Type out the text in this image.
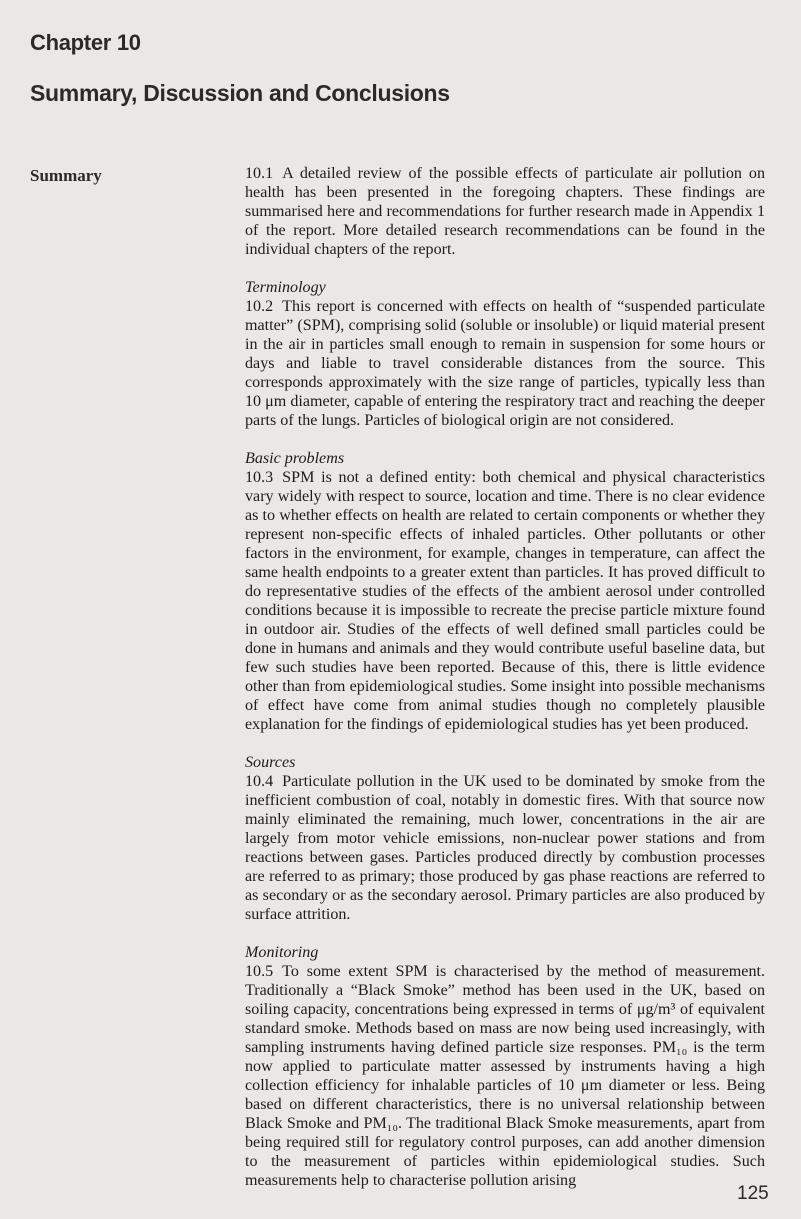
Chapter 10
Summary, Discussion and Conclusions
Summary	10.1 A detailed review of the possible effects of particulate air pollution on health has been presented in the foregoing chapters. These findings are summarised here and recommendations for further research made in Appendix 1 of the report. More detailed research recommendations can be found in the individual chapters of the report.

Terminology

10.2 This report is concerned with effects on health of “suspended particulate matter” (SPM), comprising solid (soluble or insoluble) or liquid material present in the air in particles small enough to remain in suspension for some hours or days and liable to travel considerable distances from the source. This corresponds approximately with the size range of particles, typically less than 10 μm diameter, capable of entering the respiratory tract and reaching the deeper parts of the lungs. Particles of biological origin are not considered.

Basic problems

10.3 SPM is not a defined entity: both chemical and physical characteristics vary widely with respect to source, location and time. There is no clear evidence as to whether effects on health are related to certain components or whether they represent non-specific effects of inhaled particles. Other pollutants or other factors in the environment, for example, changes in temperature, can affect the same health endpoints to a greater extent than particles. It has proved difficult to do representative studies of the effects of the ambient aerosol under controlled conditions because it is impossible to recreate the precise particle mixture found in outdoor air. Studies of the effects of well defined small particles could be done in humans and animals and they would contribute useful baseline data, but few such studies have been reported. Because of this, there is little evidence other than from epidemiological studies. Some insight into possible mechanisms of effect have come from animal studies though no completely plausible explanation for the findings of epidemiological studies has yet been produced.

Sources

10.4 Particulate pollution in the UK used to be dominated by smoke from the inefficient combustion of coal, notably in domestic fires. With that source now mainly eliminated the remaining, much lower, concentrations in the air are largely from motor vehicle emissions, non-nuclear power stations and from reactions between gases. Particles produced directly by combustion processes are referred to as primary; those produced by gas phase reactions are referred to as secondary or as the secondary aerosol. Primary particles are also produced by surface attrition.

Monitoring

10.5 To some extent SPM is characterised by the method of measurement. Traditionally a “Black Smoke” method has been used in the UK, based on soiling capacity, concentrations being expressed in terms of μg/m³ of equivalent standard smoke. Methods based on mass are now being used increasingly, with sampling instruments having defined particle size responses. PM₁₀ is the term now applied to particulate matter assessed by instruments having a high collection efficiency for inhalable particles of 10 μm diameter or less. Being based on different characteristics, there is no universal relationship between Black Smoke and PM₁₀. The traditional Black Smoke measurements, apart from being required still for regulatory control purposes, can add another dimension to the measurement of particles within epidemiological studies. Such measurements help to characterise pollution arising

125
